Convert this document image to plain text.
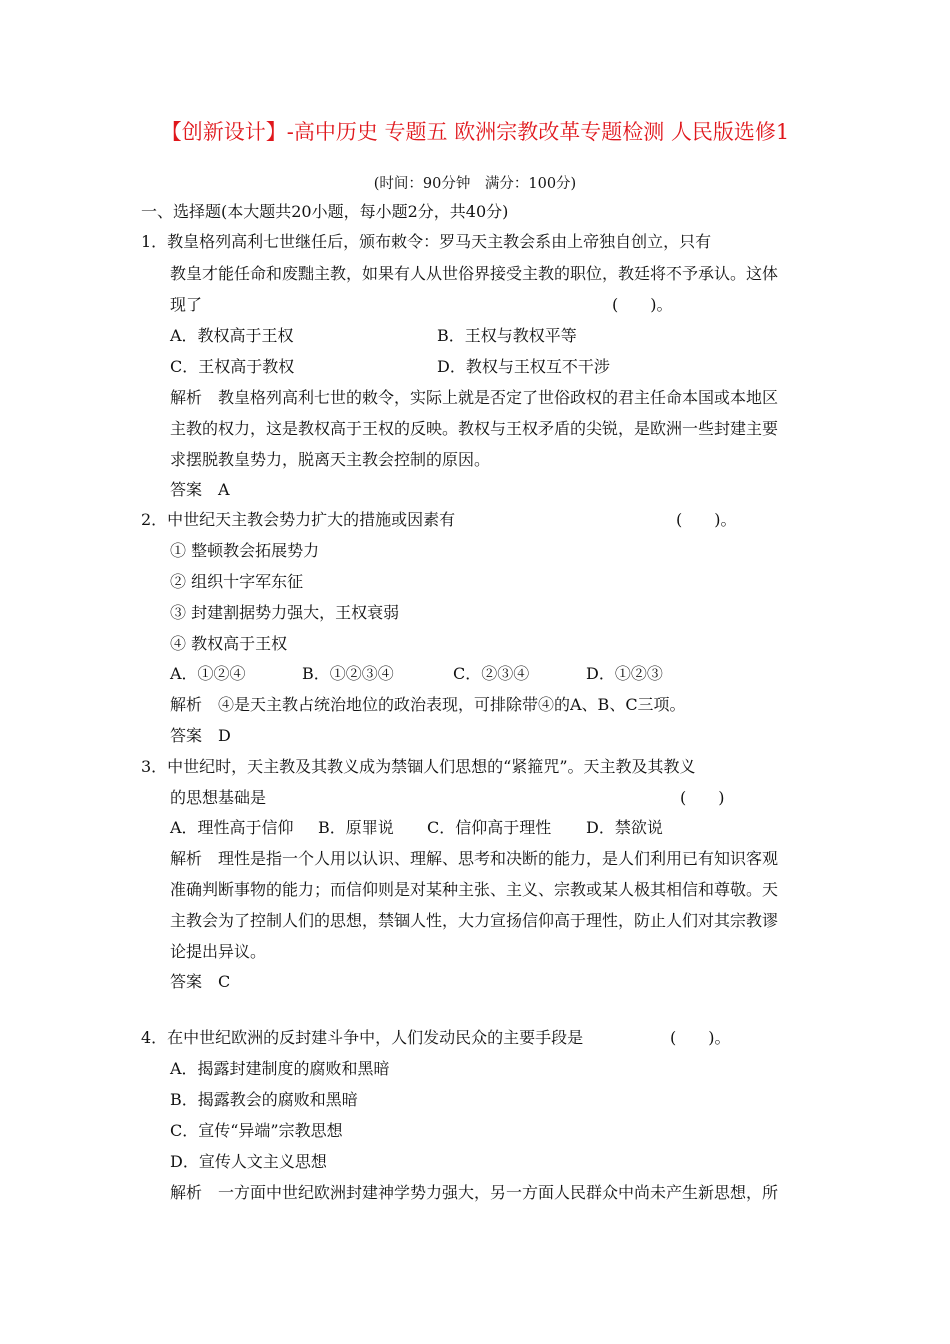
【创新设计】-高中历史 专题五 欧洲宗教改革专题检测 人民版选修1
(时间：90分钟　满分：100分)
一、选择题(本大题共20小题，每小题2分，共40分)
1．教皇格列高利七世继任后，颁布敕令：罗马天主教会系由上帝独自创立，只有
教皇才能任命和废黜主教，如果有人从世俗界接受主教的职位，教廷将不予承认。这体
现了	(　　)。
A．教权高于王权	B．王权与教权平等
C．王权高于教权	D．教权与王权互不干涉
解析　教皇格列高利七世的敕令，实际上就是否定了世俗政权的君主任命本国或本地区
主教的权力，这是教权高于王权的反映。教权与王权矛盾的尖锐，是欧洲一些封建主要
求摆脱教皇势力，脱离天主教会控制的原因。
答案　A
2．中世纪天主教会势力扩大的措施或因素有	(　　)。
① 整顿教会拓展势力
② 组织十字军东征
③ 封建割据势力强大，王权衰弱
④ 教权高于王权
A．①②④	B．①②③④	C．②③④	D．①②③
解析　④是天主教占统治地位的政治表现，可排除带④的A、B、C三项。
答案　D
3．中世纪时，天主教及其教义成为禁锢人们思想的“紧箍咒”。天主教及其教义
的思想基础是	(　　)
A．理性高于信仰 B．原罪说 C．信仰高于理性 D．禁欲说
解析　理性是指一个人用以认识、理解、思考和决断的能力，是人们利用已有知识客观
准确判断事物的能力；而信仰则是对某种主张、主义、宗教或某人极其相信和尊敬。天
主教会为了控制人们的思想，禁锢人性，大力宣扬信仰高于理性，防止人们对其宗教谬
论提出异议。
答案　C
4．在中世纪欧洲的反封建斗争中，人们发动民众的主要手段是	(　　)。
A．揭露封建制度的腐败和黑暗
B．揭露教会的腐败和黑暗
C．宣传“异端”宗教思想
D．宣传人文主义思想
解析　一方面中世纪欧洲封建神学势力强大，另一方面人民群众中尚未产生新思想，所
